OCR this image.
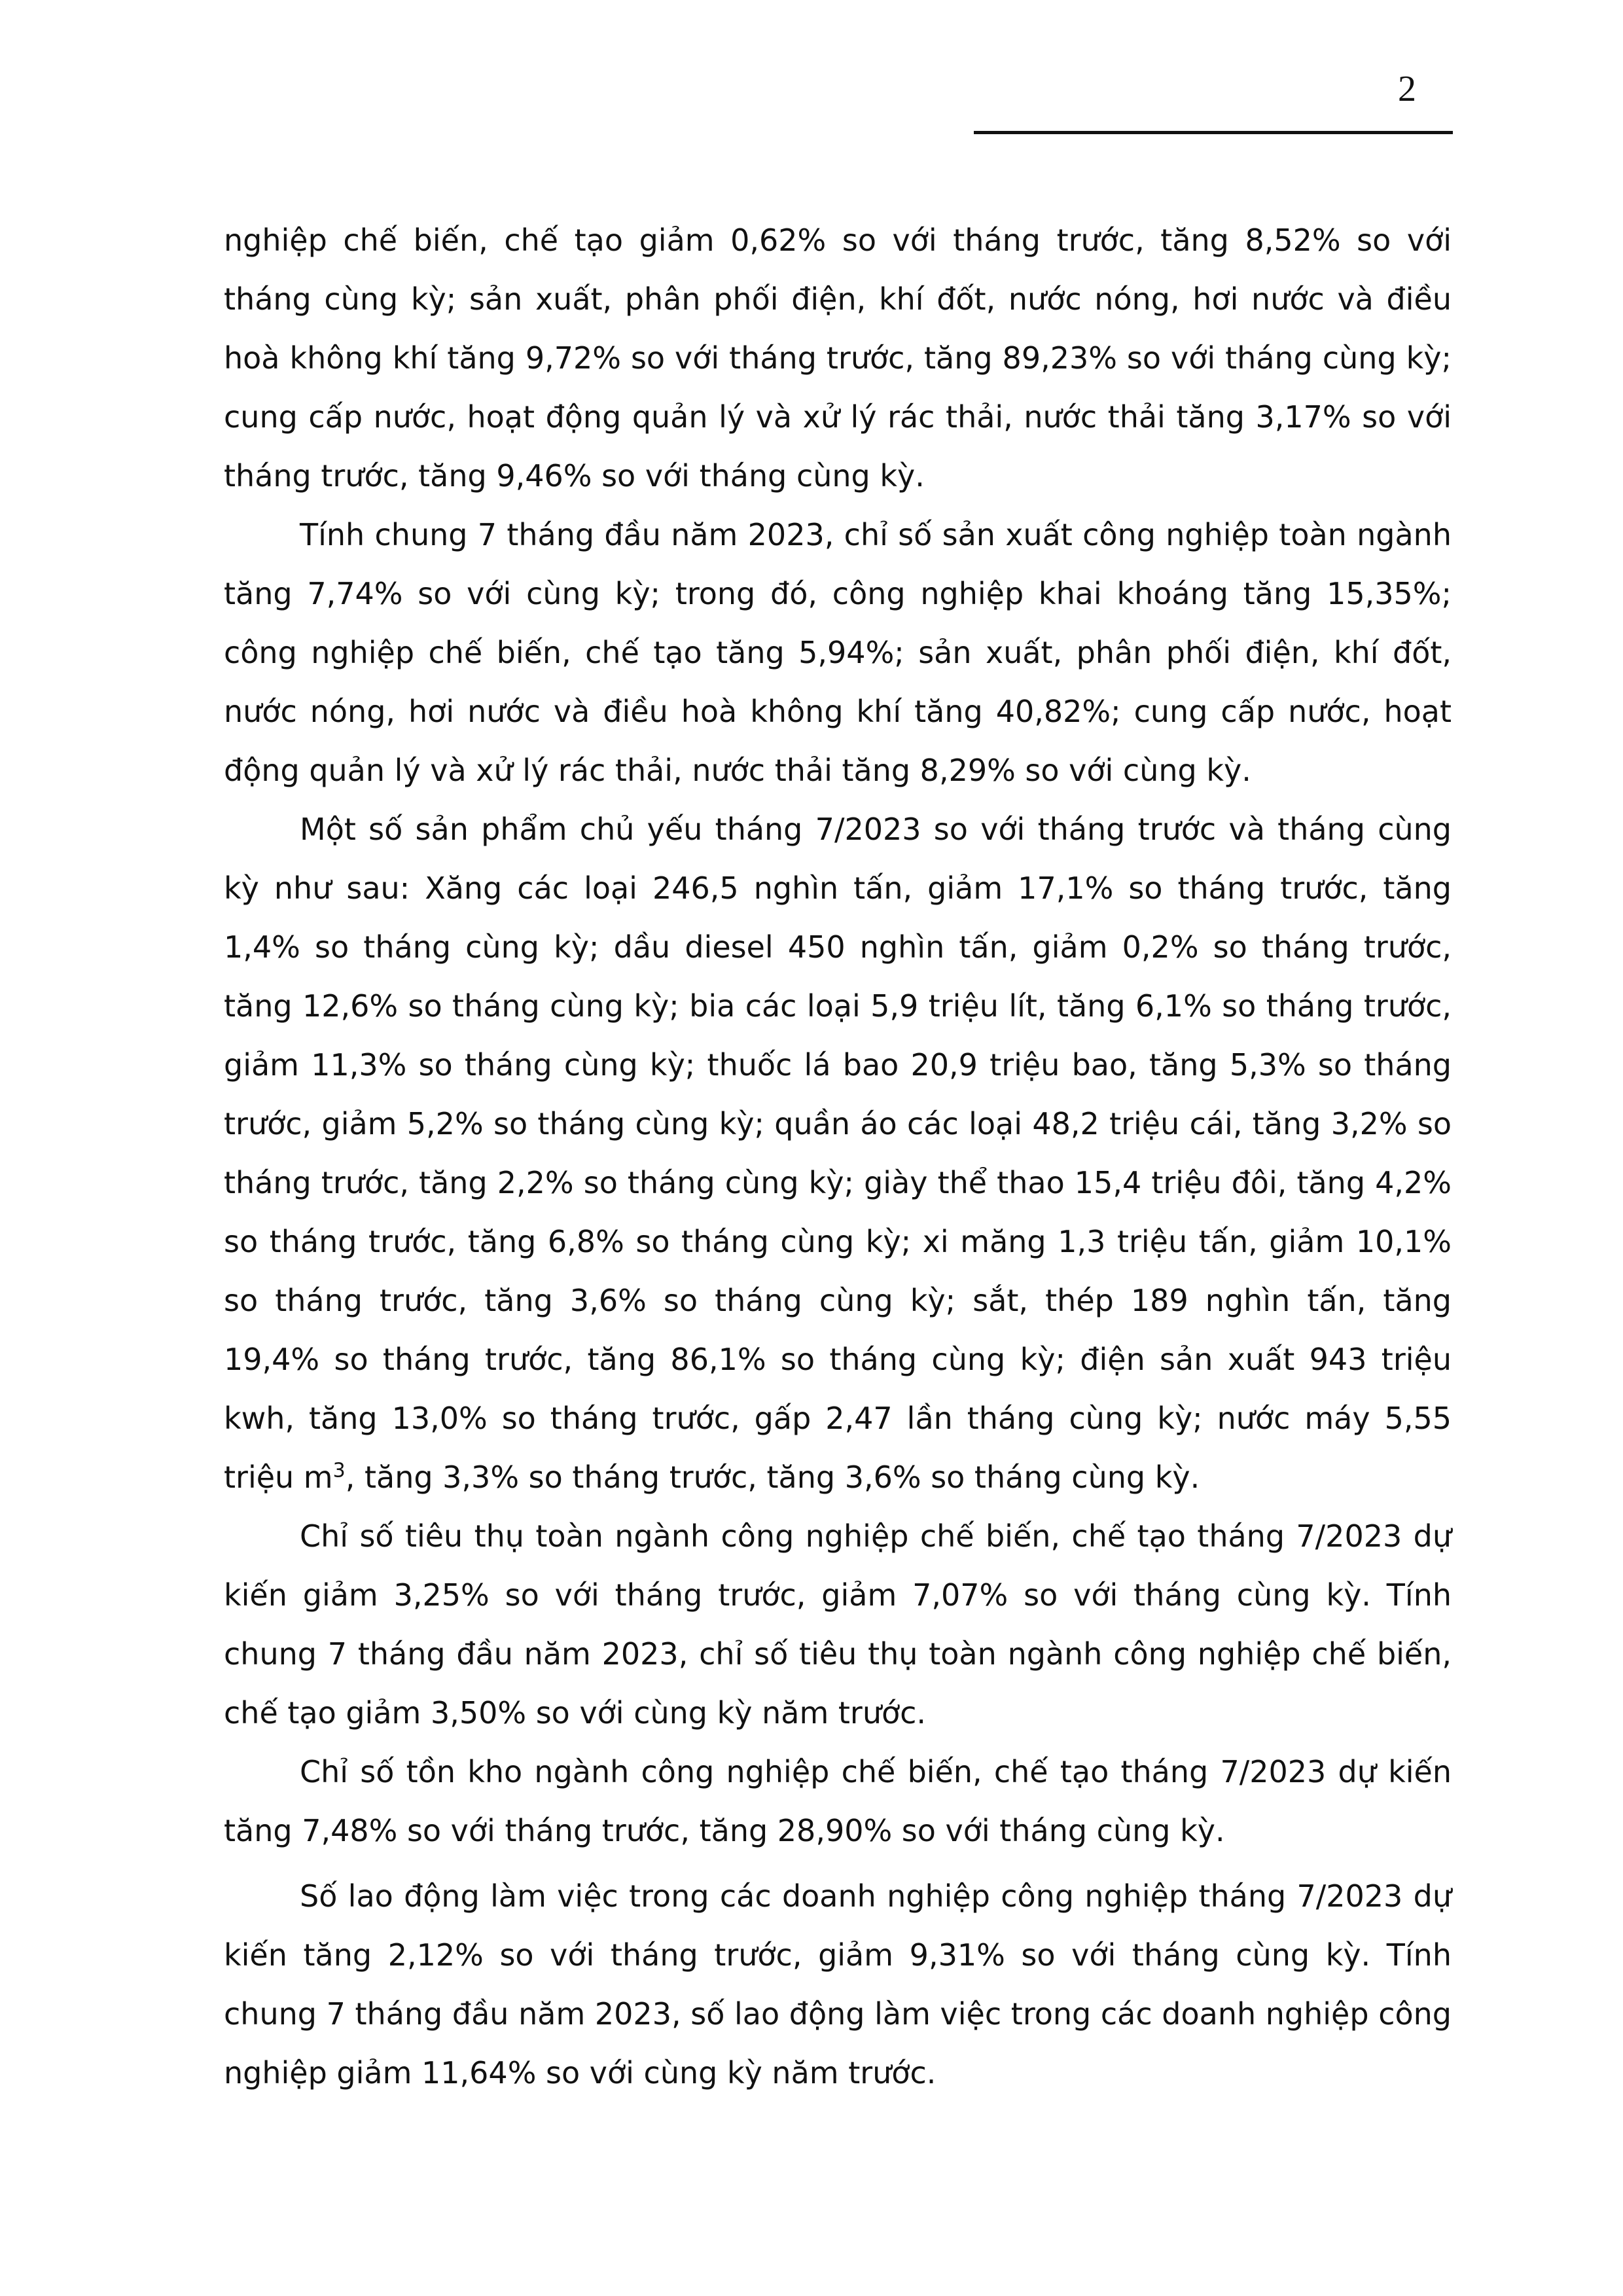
2

nghiệp chế biến, chế tạo giảm 0,62% so với tháng trước, tăng 8,52% so với tháng cùng kỳ; sản xuất, phân phối điện, khí đốt, nước nóng, hơi nước và điều hoà không khí tăng 9,72% so với tháng trước, tăng 89,23% so với tháng cùng kỳ; cung cấp nước, hoạt động quản lý và xử lý rác thải, nước thải tăng 3,17% so với tháng trước, tăng 9,46% so với tháng cùng kỳ.

Tính chung 7 tháng đầu năm 2023, chỉ số sản xuất công nghiệp toàn ngành tăng 7,74% so với cùng kỳ; trong đó, công nghiệp khai khoáng tăng 15,35%; công nghiệp chế biến, chế tạo tăng 5,94%; sản xuất, phân phối điện, khí đốt, nước nóng, hơi nước và điều hoà không khí tăng 40,82%; cung cấp nước, hoạt động quản lý và xử lý rác thải, nước thải tăng 8,29% so với cùng kỳ.

Một số sản phẩm chủ yếu tháng 7/2023 so với tháng trước và tháng cùng kỳ như sau: Xăng các loại 246,5 nghìn tấn, giảm 17,1% so tháng trước, tăng 1,4% so tháng cùng kỳ; dầu diesel 450 nghìn tấn, giảm 0,2% so tháng trước, tăng 12,6% so tháng cùng kỳ; bia các loại 5,9 triệu lít, tăng 6,1% so tháng trước, giảm 11,3% so tháng cùng kỳ; thuốc lá bao 20,9 triệu bao, tăng 5,3% so tháng trước, giảm 5,2% so tháng cùng kỳ; quần áo các loại 48,2 triệu cái, tăng 3,2% so tháng trước, tăng 2,2% so tháng cùng kỳ; giày thể thao 15,4 triệu đôi, tăng 4,2% so tháng trước, tăng 6,8% so tháng cùng kỳ; xi măng 1,3 triệu tấn, giảm 10,1% so tháng trước, tăng 3,6% so tháng cùng kỳ; sắt, thép 189 nghìn tấn, tăng 19,4% so tháng trước, tăng 86,1% so tháng cùng kỳ; điện sản xuất 943 triệu kwh, tăng 13,0% so tháng trước, gấp 2,47 lần tháng cùng kỳ; nước máy 5,55 triệu $m^3$, tăng 3,3% so tháng trước, tăng 3,6% so tháng cùng kỳ.

Chỉ số tiêu thụ toàn ngành công nghiệp chế biến, chế tạo tháng 7/2023 dự kiến giảm 3,25% so với tháng trước, giảm 7,07% so với tháng cùng kỳ. Tính chung 7 tháng đầu năm 2023, chỉ số tiêu thụ toàn ngành công nghiệp chế biến, chế tạo giảm 3,50% so với cùng kỳ năm trước.

Chỉ số tồn kho ngành công nghiệp chế biến, chế tạo tháng 7/2023 dự kiến tăng 7,48% so với tháng trước, tăng 28,90% so với tháng cùng kỳ.

Số lao động làm việc trong các doanh nghiệp công nghiệp tháng 7/2023 dự kiến tăng 2,12% so với tháng trước, giảm 9,31% so với tháng cùng kỳ. Tính chung 7 tháng đầu năm 2023, số lao động làm việc trong các doanh nghiệp công nghiệp giảm 11,64% so với cùng kỳ năm trước.
